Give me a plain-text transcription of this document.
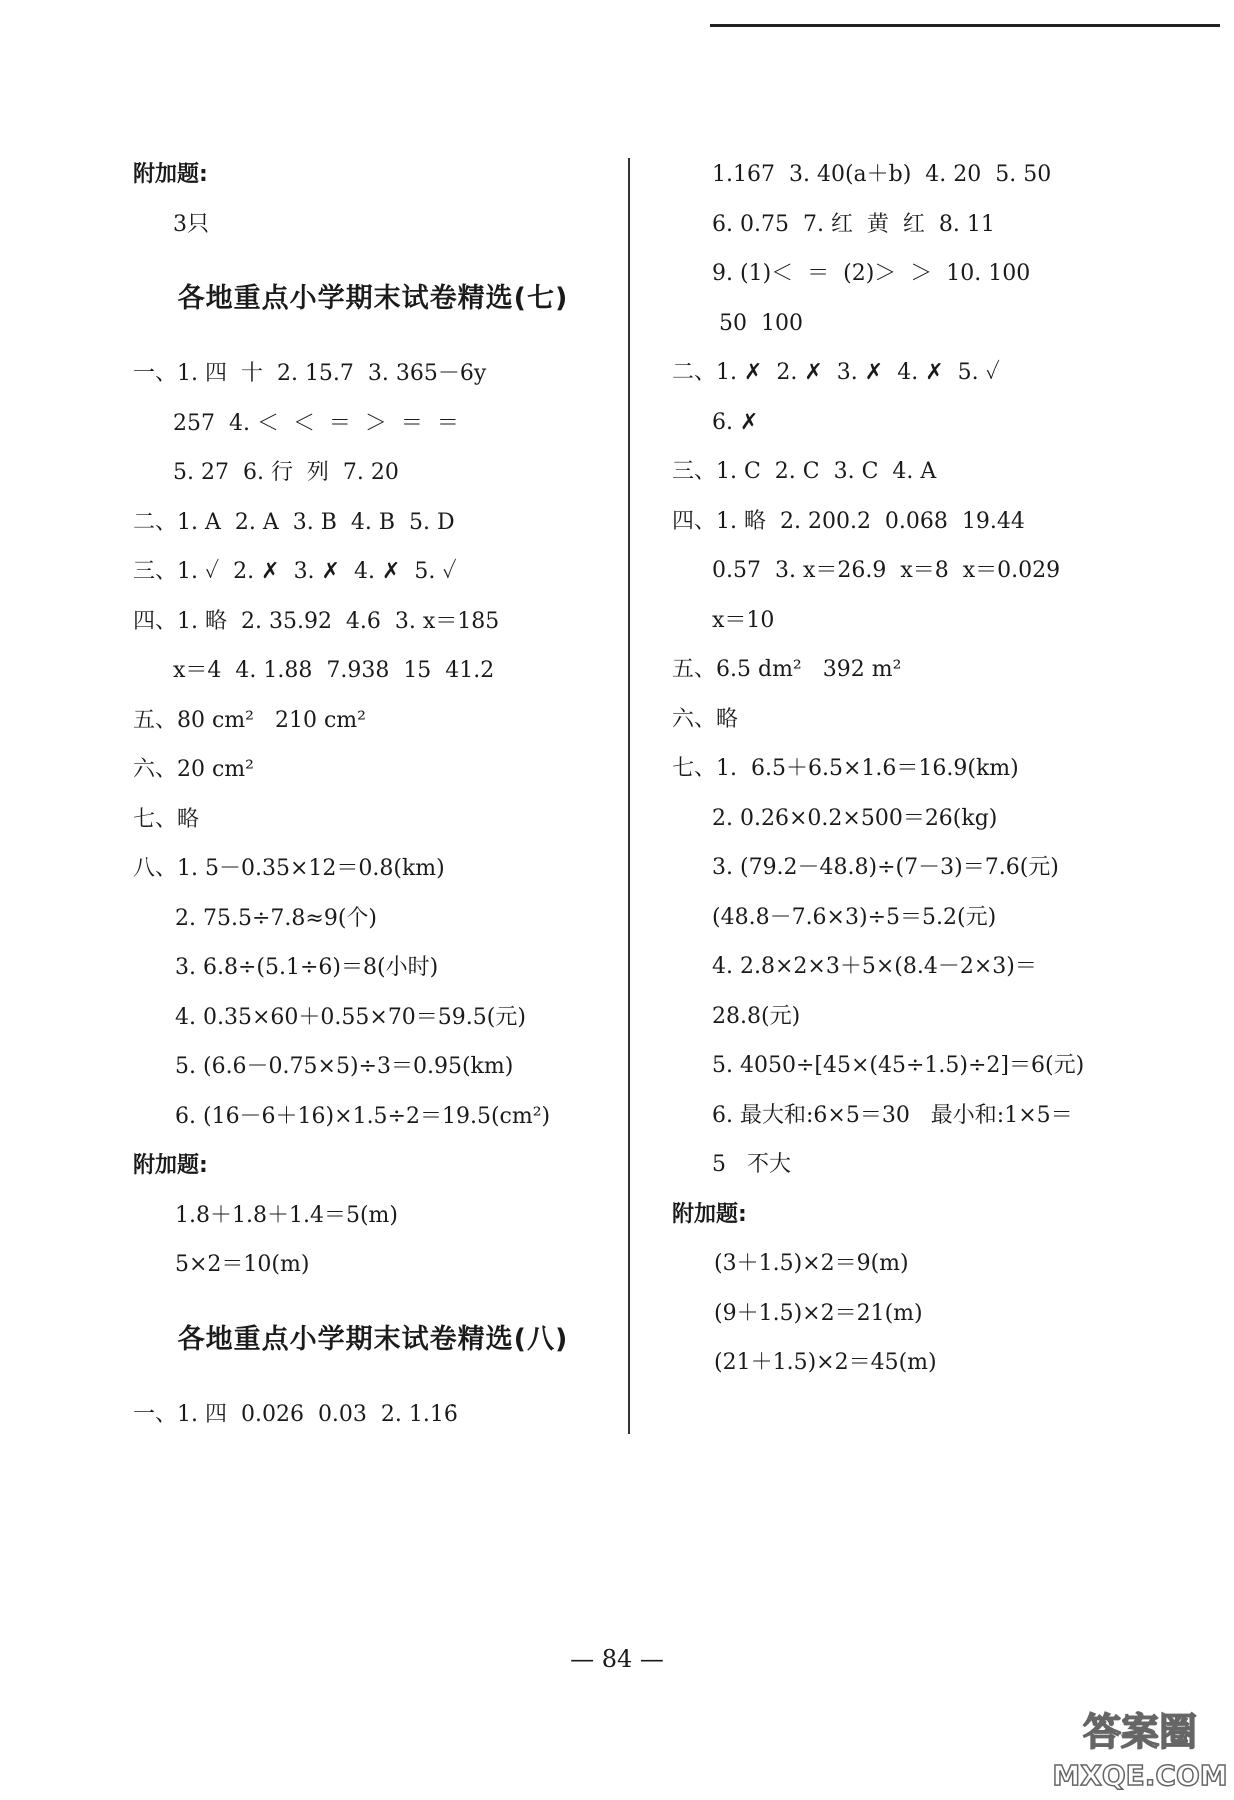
附加题:
3只
各地重点小学期末试卷精选(七)
一、1. 四  十  2. 15.7  3. 365－6y
257  4. ＜  ＜  ＝  ＞  ＝  ＝
5. 27  6. 行  列  7. 20
二、1. A  2. A  3. B  4. B  5. D
三、1. ✓  2. ✗  3. ✗  4. ✗  5. ✓
四、1. 略  2. 35.92  4.6  3. x＝185
x＝4  4. 1.88  7.938  15  41.2
五、80 cm²   210 cm²
六、20 cm²
七、略
八、1. 5－0.35×12＝0.8(km)
2. 75.5÷7.8≈9(个)
3. 6.8÷(5.1÷6)＝8(小时)
4. 0.35×60＋0.55×70＝59.5(元)
5. (6.6－0.75×5)÷3＝0.95(km)
6. (16－6＋16)×1.5÷2＝19.5(cm²)
附加题:
1.8＋1.8＋1.4＝5(m)
5×2＝10(m)
各地重点小学期末试卷精选(八)
一、1. 四  0.026  0.03  2. 1.16̇
1.167  3. 40(a＋b)  4. 20  5. 50
6. 0.75  7. 红  黄  红  8. 11
9. (1)＜  ＝  (2)＞  ＞  10. 100
50  100
二、1. ✗  2. ✗  3. ✗  4. ✗  5. ✓
6. ✗
三、1. C  2. C  3. C  4. A
四、1. 略  2. 200.2  0.068  19.44
0.57  3. x＝26.9  x＝8  x＝0.029
x＝10
五、6.5 dm²   392 m²
六、略
七、1.  6.5＋6.5×1.6＝16.9(km)
2. 0.26×0.2×500＝26(kg)
3. (79.2－48.8)÷(7－3)＝7.6(元)
(48.8－7.6×3)÷5＝5.2(元)
4. 2.8×2×3＋5×(8.4－2×3)＝
28.8(元)
5. 4050÷[45×(45÷1.5)÷2]＝6(元)
6. 最大和:6×5＝30   最小和:1×5＝
5   不大
附加题:
(3＋1.5)×2＝9(m)
(9＋1.5)×2＝21(m)
(21＋1.5)×2＝45(m)
— 84 —
答案圈
MXQE.COM
